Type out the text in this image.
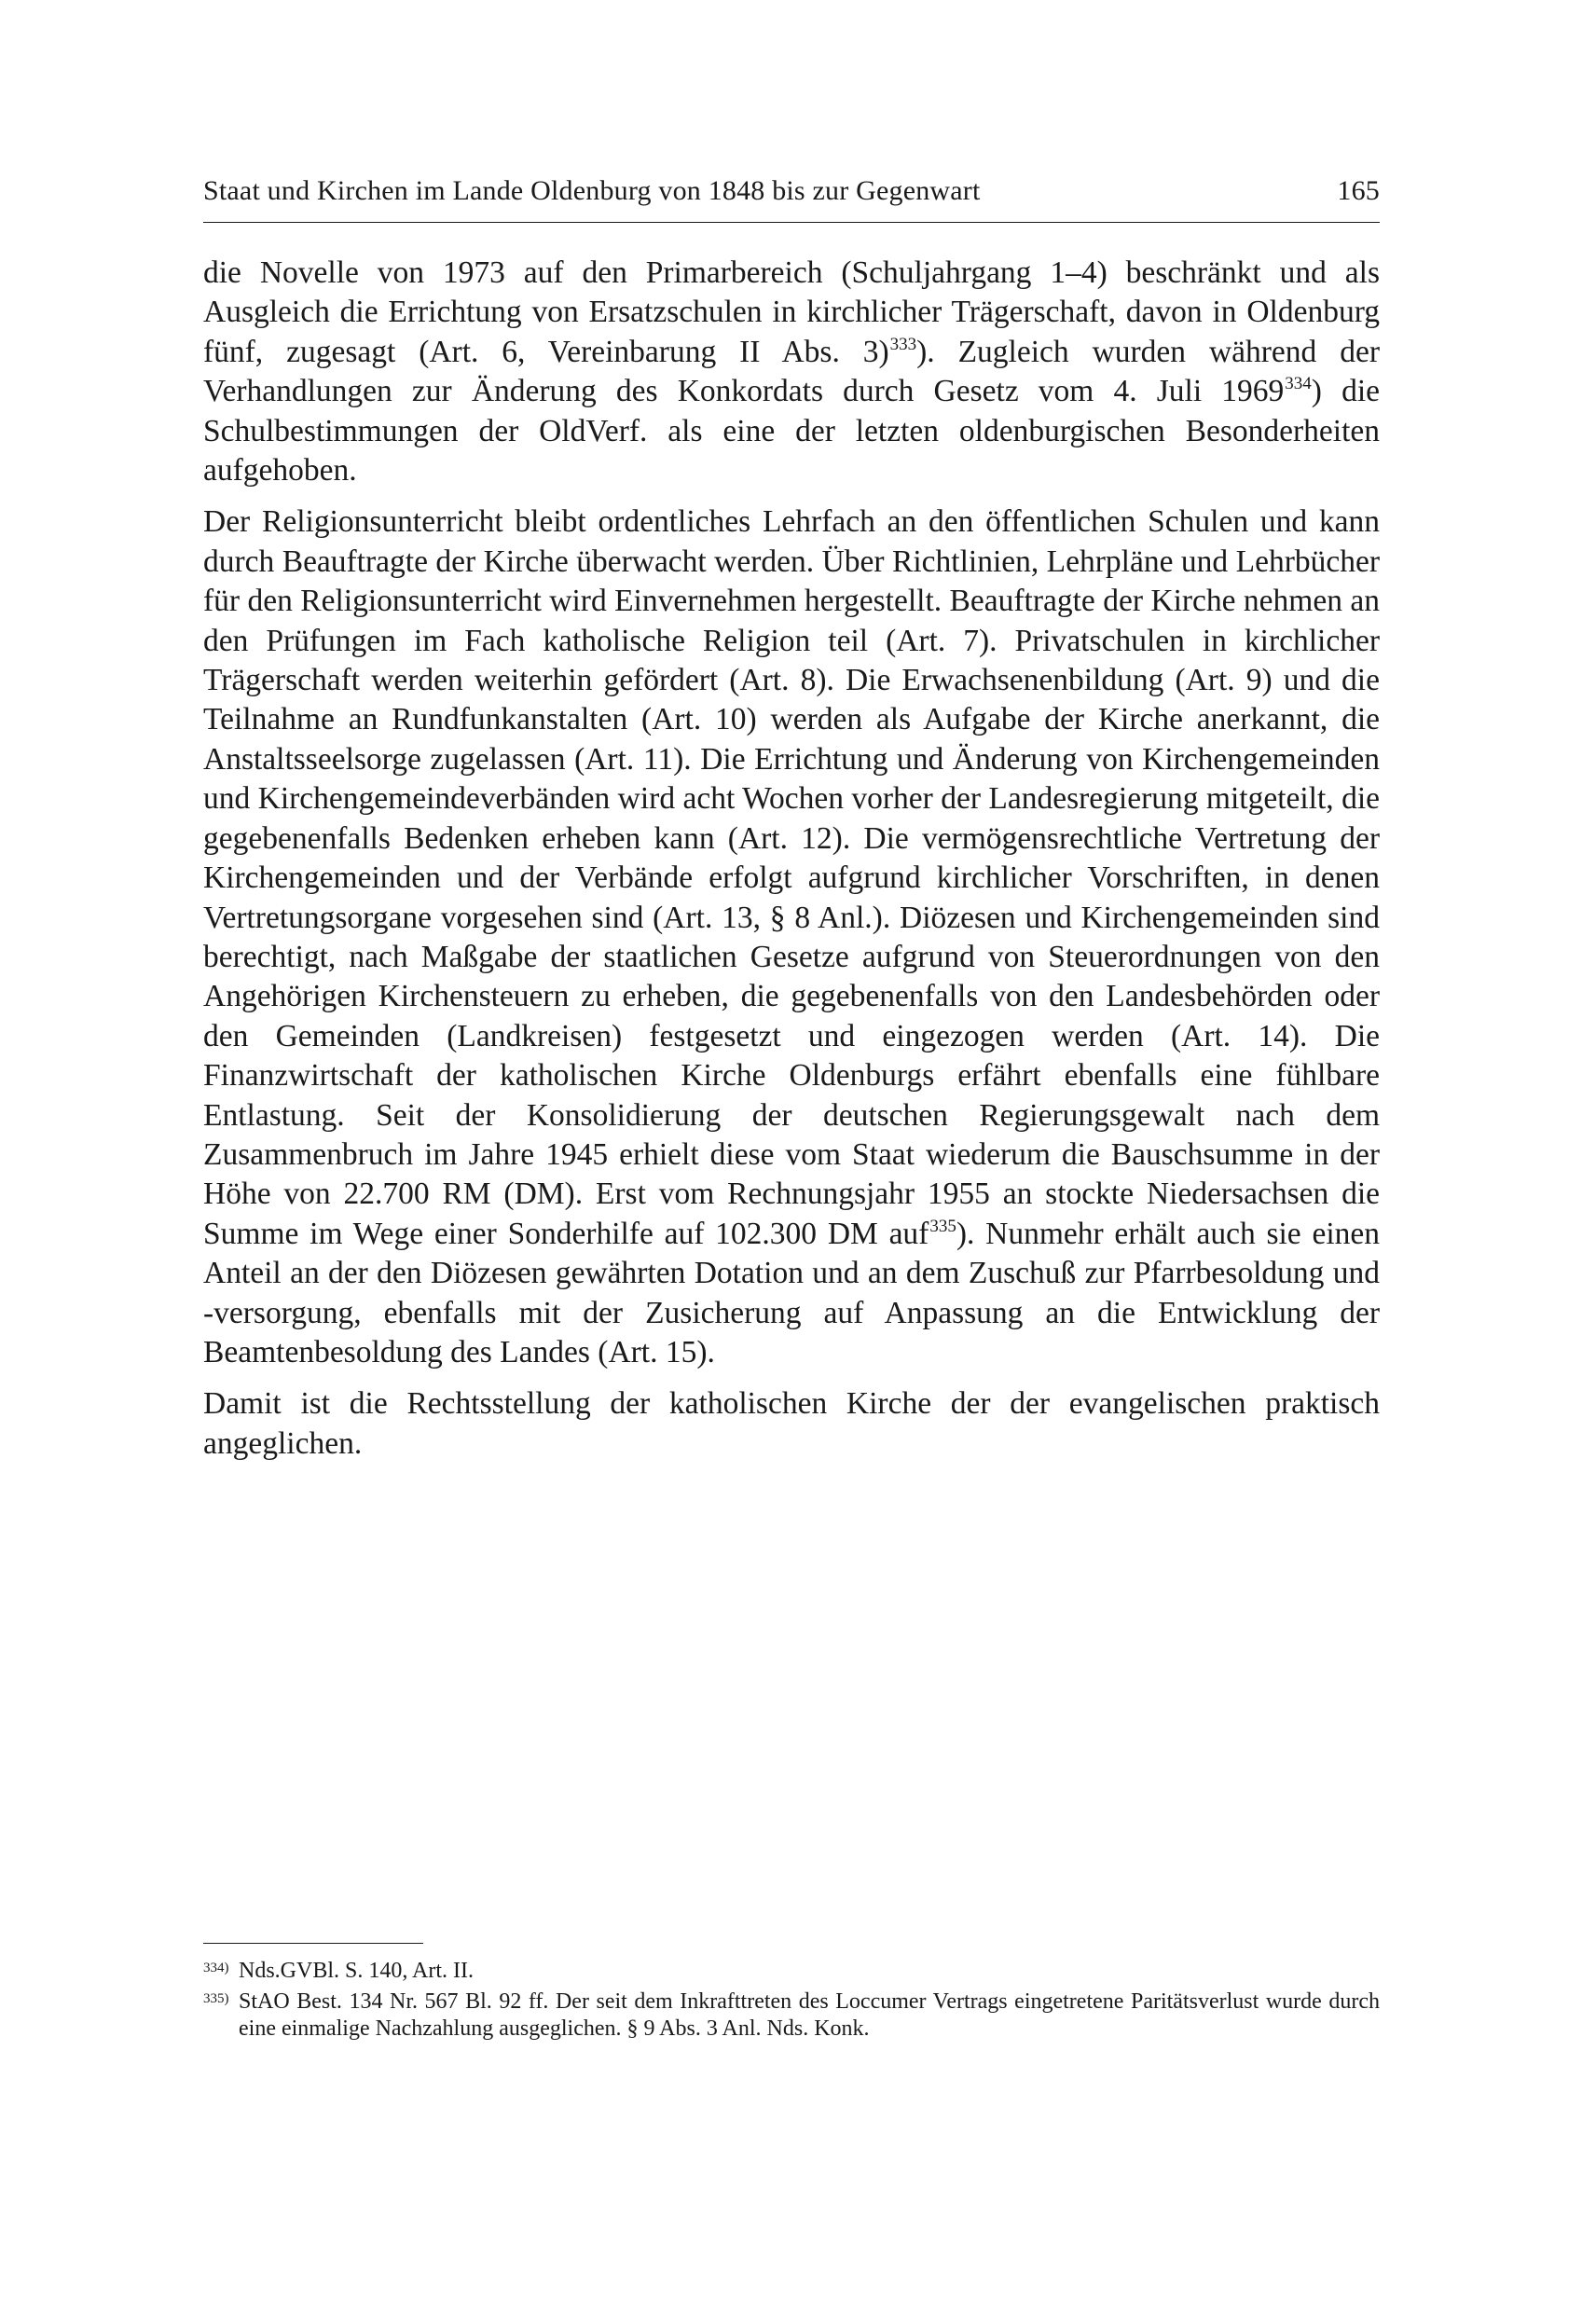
Staat und Kirchen im Lande Oldenburg von 1848 bis zur Gegenwart	165

die Novelle von 1973 auf den Primarbereich (Schuljahrgang 1–4) beschränkt und als Ausgleich die Errichtung von Ersatzschulen in kirchlicher Trägerschaft, davon in Oldenburg fünf, zugesagt (Art. 6, Vereinbarung II Abs. 3)$^{333}$). Zugleich wurden während der Verhandlungen zur Änderung des Konkordats durch Gesetz vom 4. Juli 1969$^{334}$) die Schulbestimmungen der OldVerf. als eine der letzten oldenburgischen Besonderheiten aufgehoben.

Der Religionsunterricht bleibt ordentliches Lehrfach an den öffentlichen Schulen und kann durch Beauftragte der Kirche überwacht werden. Über Richtlinien, Lehrpläne und Lehrbücher für den Religionsunterricht wird Einvernehmen hergestellt. Beauftragte der Kirche nehmen an den Prüfungen im Fach katholische Religion teil (Art. 7). Privatschulen in kirchlicher Trägerschaft werden weiterhin gefördert (Art. 8). Die Erwachsenenbildung (Art. 9) und die Teilnahme an Rundfunkanstalten (Art. 10) werden als Aufgabe der Kirche anerkannt, die Anstaltsseelsorge zugelassen (Art. 11). Die Errichtung und Änderung von Kirchengemeinden und Kirchengemeindeverbänden wird acht Wochen vorher der Landesregierung mitgeteilt, die gegebenenfalls Bedenken erheben kann (Art. 12). Die vermögensrechtliche Vertretung der Kirchengemeinden und der Verbände erfolgt aufgrund kirchlicher Vorschriften, in denen Vertretungsorgane vorgesehen sind (Art. 13, § 8 Anl.). Diözesen und Kirchengemeinden sind berechtigt, nach Maßgabe der staatlichen Gesetze aufgrund von Steuerordnungen von den Angehörigen Kirchensteuern zu erheben, die gegebenenfalls von den Landesbehörden oder den Gemeinden (Landkreisen) festgesetzt und eingezogen werden (Art. 14). Die Finanzwirtschaft der katholischen Kirche Oldenburgs erfährt ebenfalls eine fühlbare Entlastung. Seit der Konsolidierung der deutschen Regierungsgewalt nach dem Zusammenbruch im Jahre 1945 erhielt diese vom Staat wiederum die Bauschsumme in der Höhe von 22.700 RM (DM). Erst vom Rechnungsjahr 1955 an stockte Niedersachsen die Summe im Wege einer Sonderhilfe auf 102.300 DM auf$^{335}$). Nunmehr erhält auch sie einen Anteil an der den Diözesen gewährten Dotation und an dem Zuschuß zur Pfarrbesoldung und -versorgung, ebenfalls mit der Zusicherung auf Anpassung an die Entwicklung der Beamtenbesoldung des Landes (Art. 15).

Damit ist die Rechtsstellung der katholischen Kirche der der evangelischen praktisch angeglichen.

334) Nds.GVBl. S. 140, Art. II.
335) StAO Best. 134 Nr. 567 Bl. 92 ff. Der seit dem Inkrafttreten des Loccumer Vertrags eingetretene Paritätsverlust wurde durch eine einmalige Nachzahlung ausgeglichen. § 9 Abs. 3 Anl. Nds. Konk.
